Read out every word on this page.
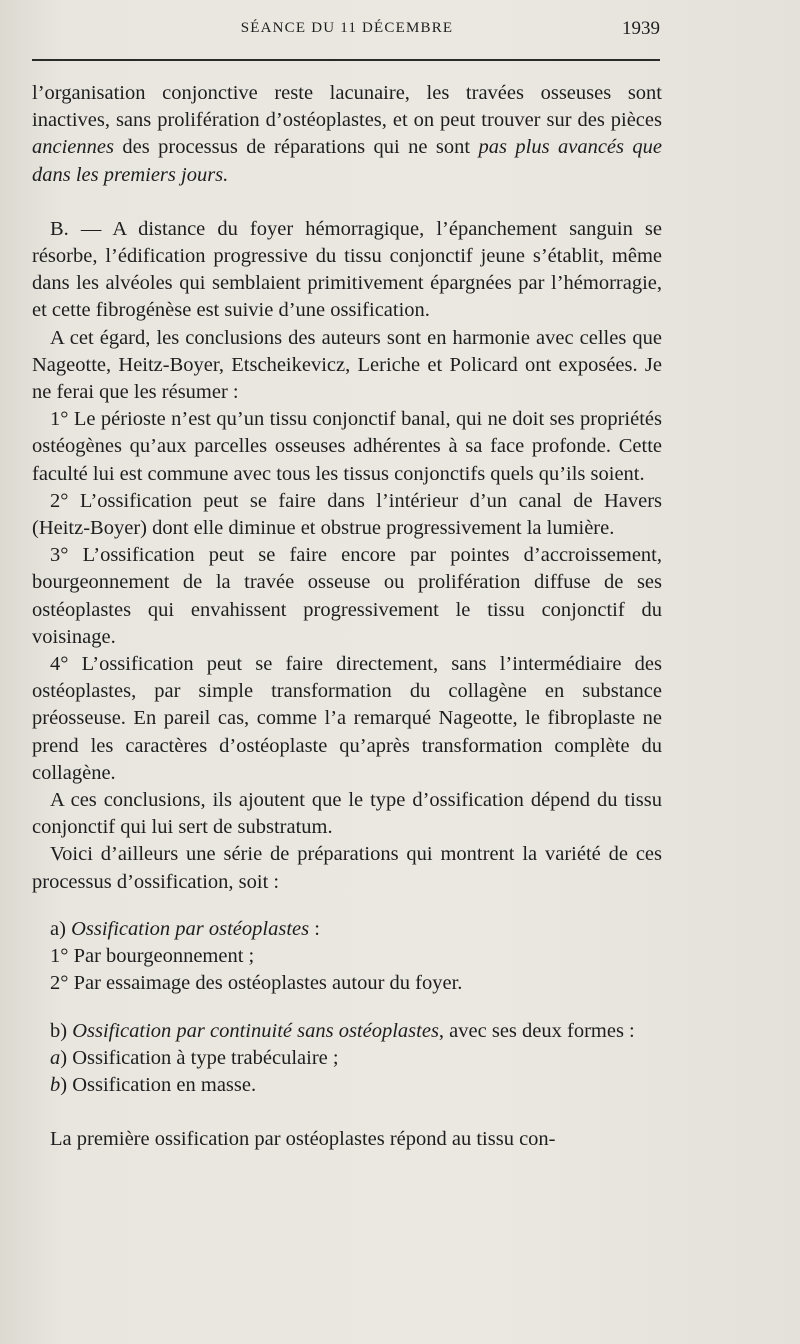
SÉANCE DU 11 DÉCEMBRE	1939

l’organisation conjonctive reste lacunaire, les travées osseuses sont inactives, sans prolifération d’ostéoplastes, et on peut trouver sur des pièces anciennes des processus de réparations qui ne sont pas plus avancés que dans les premiers jours.

B. — A distance du foyer hémorragique, l’épanchement sanguin se résorbe, l’édification progressive du tissu conjonctif jeune s’établit, même dans les alvéoles qui semblaient primitivement épargnées par l’hémorragie, et cette fibrogénèse est suivie d’une ossification.

A cet égard, les conclusions des auteurs sont en harmonie avec celles que Nageotte, Heitz-Boyer, Etscheikevicz, Leriche et Policard ont exposées. Je ne ferai que les résumer :

1° Le périoste n’est qu’un tissu conjonctif banal, qui ne doit ses propriétés ostéogènes qu’aux parcelles osseuses adhérentes à sa face profonde. Cette faculté lui est commune avec tous les tissus conjonctifs quels qu’ils soient.

2° L’ossification peut se faire dans l’intérieur d’un canal de Havers (Heitz-Boyer) dont elle diminue et obstrue progressivement la lumière.

3° L’ossification peut se faire encore par pointes d’accroissement, bourgeonnement de la travée osseuse ou prolifération diffuse de ses ostéoplastes qui envahissent progressivement le tissu conjonctif du voisinage.

4° L’ossification peut se faire directement, sans l’intermédiaire des ostéoplastes, par simple transformation du collagène en substance préosseuse. En pareil cas, comme l’a remarqué Nageotte, le fibroplaste ne prend les caractères d’ostéoplaste qu’après transformation complète du collagène.

A ces conclusions, ils ajoutent que le type d’ossification dépend du tissu conjonctif qui lui sert de substratum.

Voici d’ailleurs une série de préparations qui montrent la variété de ces processus d’ossification, soit :

a) Ossification par ostéoplastes :

1° Par bourgeonnement ;

2° Par essaimage des ostéoplastes autour du foyer.

b) Ossification par continuité sans ostéoplastes, avec ses deux formes :

a) Ossification à type trabéculaire ;

b) Ossification en masse.

La première ossification par ostéoplastes répond au tissu con-
